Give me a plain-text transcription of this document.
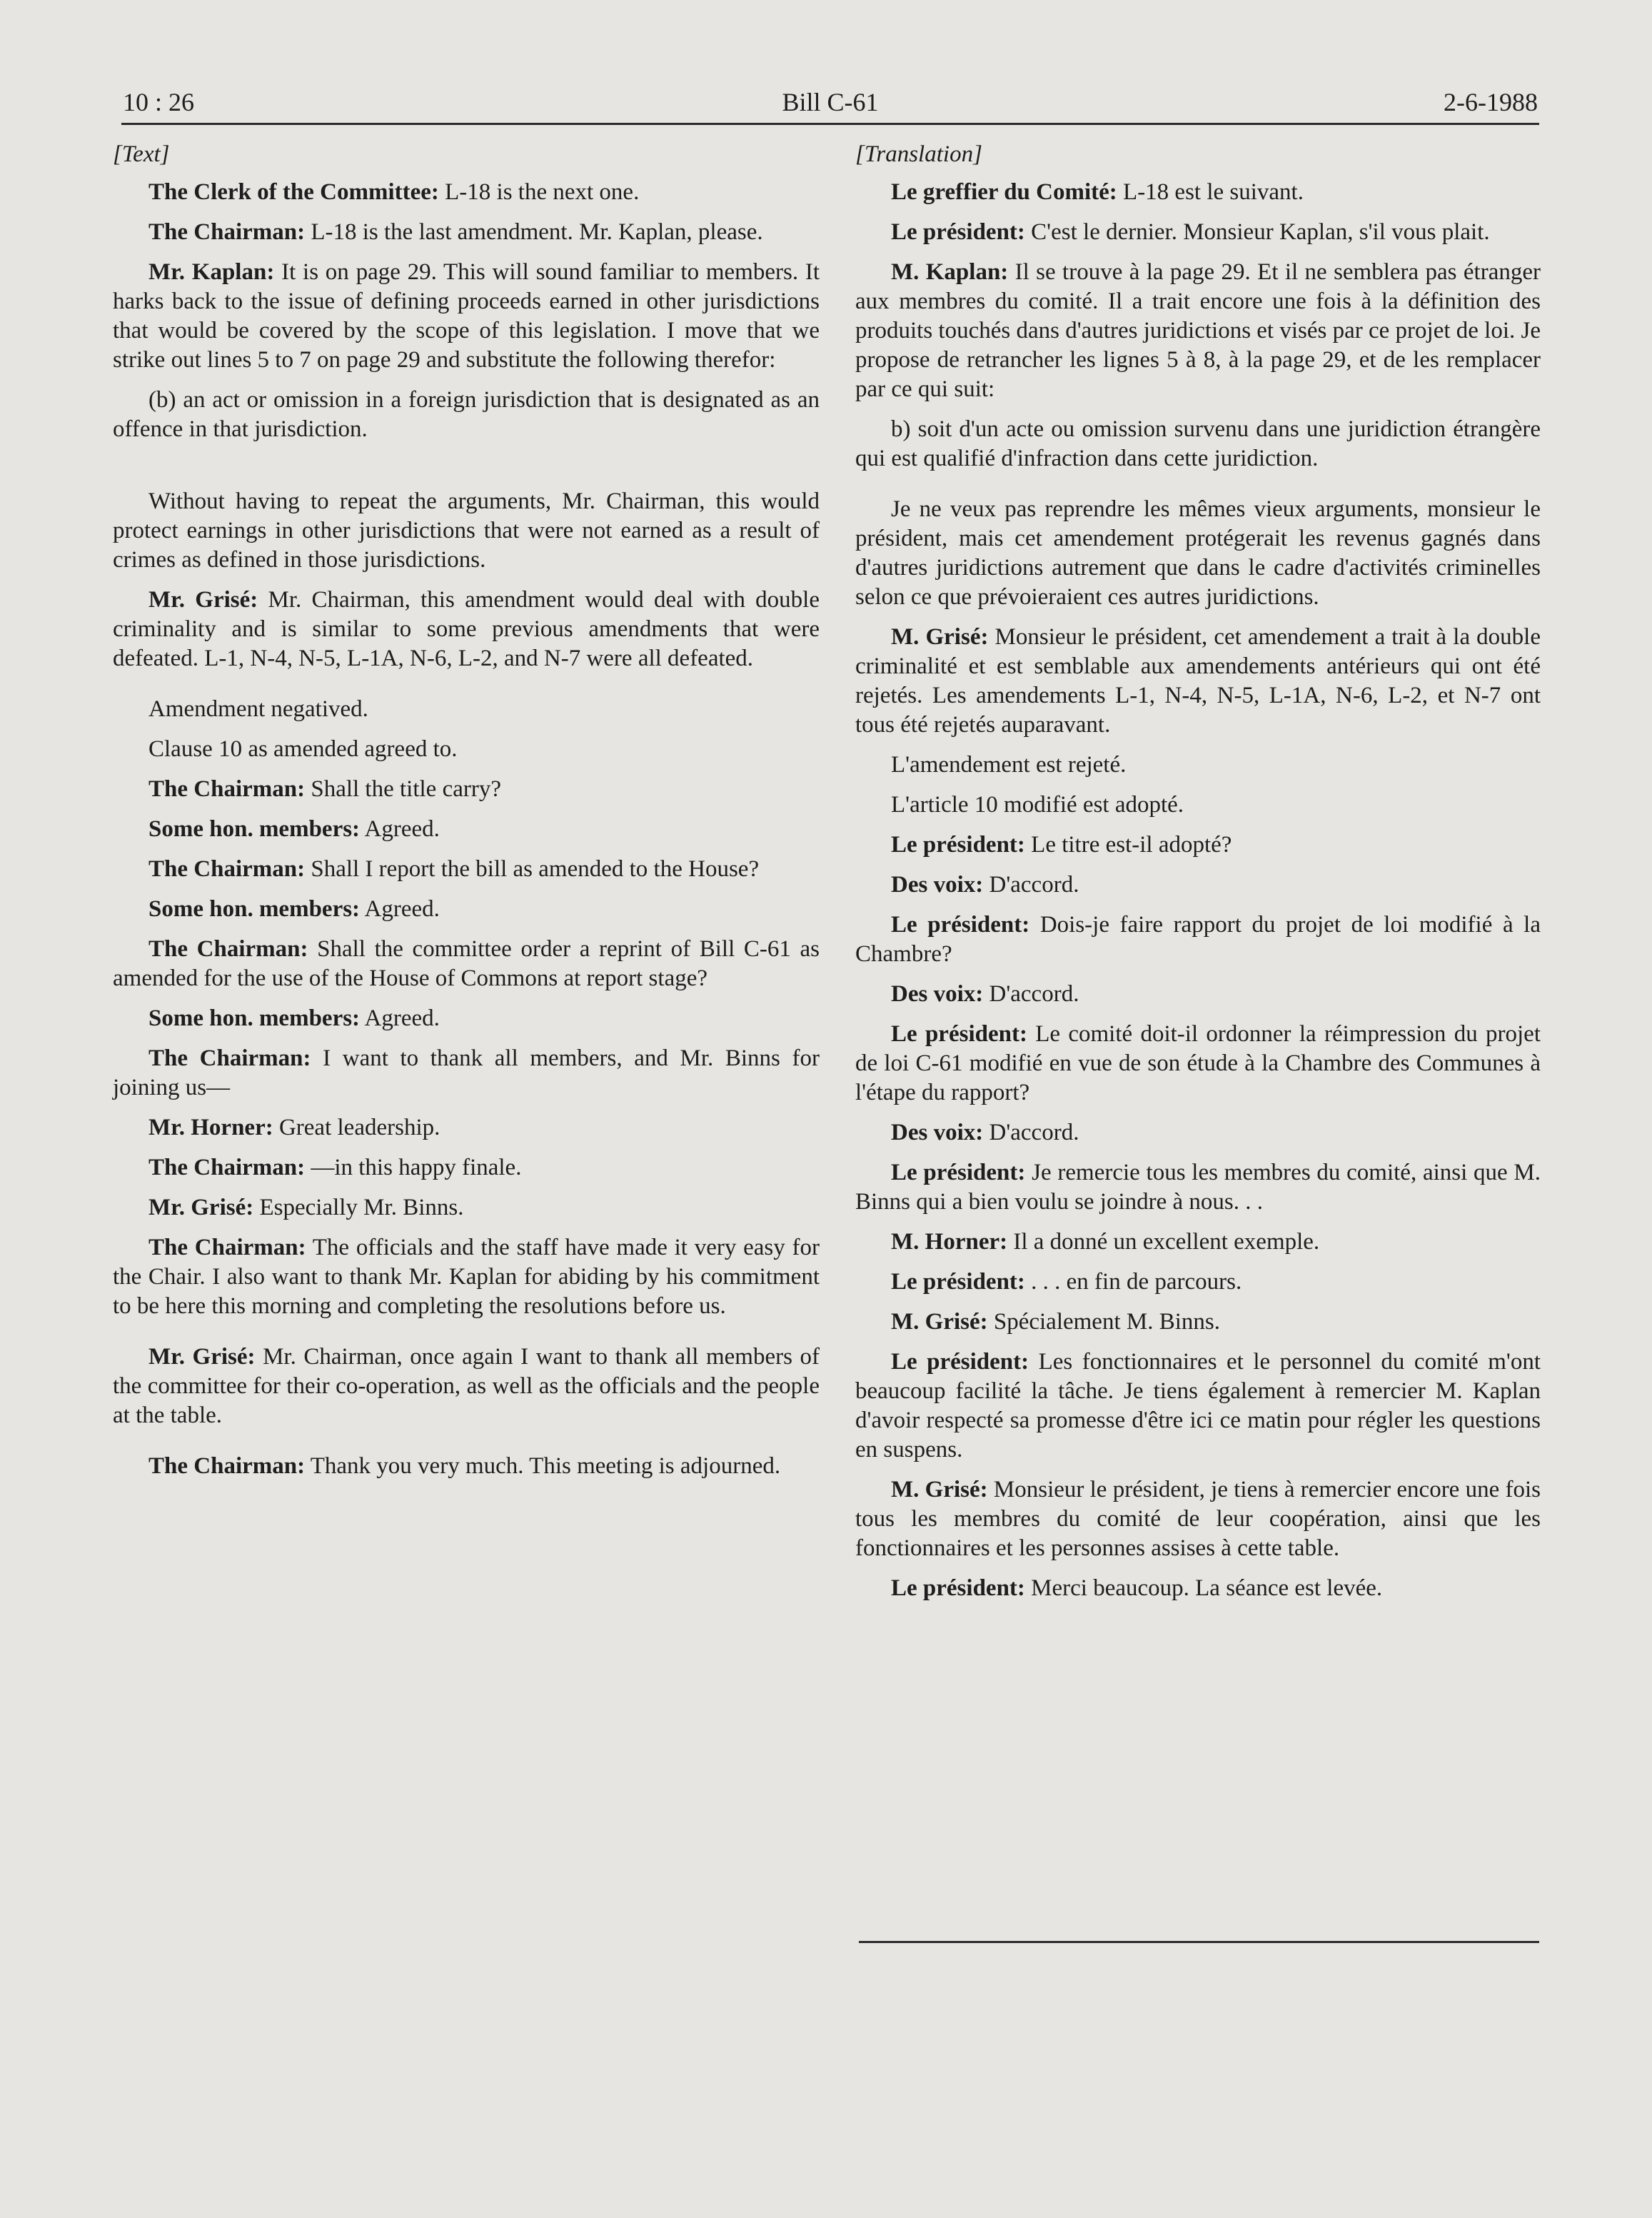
10 : 26	Bill C-61	2-6-1988

[Text]

The Clerk of the Committee: L-18 is the next one.

The Chairman: L-18 is the last amendment. Mr. Kaplan, please.

Mr. Kaplan: It is on page 29. This will sound familiar to members. It harks back to the issue of defining proceeds earned in other jurisdictions that would be covered by the scope of this legislation. I move that we strike out lines 5 to 7 on page 29 and substitute the following therefor:

(b) an act or omission in a foreign jurisdiction that is designated as an offence in that jurisdiction.

Without having to repeat the arguments, Mr. Chairman, this would protect earnings in other jurisdictions that were not earned as a result of crimes as defined in those jurisdictions.

Mr. Grisé: Mr. Chairman, this amendment would deal with double criminality and is similar to some previous amendments that were defeated. L-1, N-4, N-5, L-1A, N-6, L-2, and N-7 were all defeated.

Amendment negatived.

Clause 10 as amended agreed to.

The Chairman: Shall the title carry?

Some hon. members: Agreed.

The Chairman: Shall I report the bill as amended to the House?

Some hon. members: Agreed.

The Chairman: Shall the committee order a reprint of Bill C-61 as amended for the use of the House of Commons at report stage?

Some hon. members: Agreed.

The Chairman: I want to thank all members, and Mr. Binns for joining us—

Mr. Horner: Great leadership.

The Chairman: —in this happy finale.

Mr. Grisé: Especially Mr. Binns.

The Chairman: The officials and the staff have made it very easy for the Chair. I also want to thank Mr. Kaplan for abiding by his commitment to be here this morning and completing the resolutions before us.

Mr. Grisé: Mr. Chairman, once again I want to thank all members of the committee for their co-operation, as well as the officials and the people at the table.

The Chairman: Thank you very much. This meeting is adjourned.

[Translation]

Le greffier du Comité: L-18 est le suivant.

Le président: C'est le dernier. Monsieur Kaplan, s'il vous plait.

M. Kaplan: Il se trouve à la page 29. Et il ne semblera pas étranger aux membres du comité. Il a trait encore une fois à la définition des produits touchés dans d'autres juridictions et visés par ce projet de loi. Je propose de retrancher les lignes 5 à 8, à la page 29, et de les remplacer par ce qui suit:

b) soit d'un acte ou omission survenu dans une juridiction étrangère qui est qualifié d'infraction dans cette juridiction.

Je ne veux pas reprendre les mêmes vieux arguments, monsieur le président, mais cet amendement protégerait les revenus gagnés dans d'autres juridictions autrement que dans le cadre d'activités criminelles selon ce que prévoieraient ces autres juridictions.

M. Grisé: Monsieur le président, cet amendement a trait à la double criminalité et est semblable aux amendements antérieurs qui ont été rejetés. Les amendements L-1, N-4, N-5, L-1A, N-6, L-2, et N-7 ont tous été rejetés auparavant.

L'amendement est rejeté.

L'article 10 modifié est adopté.

Le président: Le titre est-il adopté?

Des voix: D'accord.

Le président: Dois-je faire rapport du projet de loi modifié à la Chambre?

Des voix: D'accord.

Le président: Le comité doit-il ordonner la réimpression du projet de loi C-61 modifié en vue de son étude à la Chambre des Communes à l'étape du rapport?

Des voix: D'accord.

Le président: Je remercie tous les membres du comité, ainsi que M. Binns qui a bien voulu se joindre à nous. . .

M. Horner: Il a donné un excellent exemple.

Le président: . . . en fin de parcours.

M. Grisé: Spécialement M. Binns.

Le président: Les fonctionnaires et le personnel du comité m'ont beaucoup facilité la tâche. Je tiens également à remercier M. Kaplan d'avoir respecté sa promesse d'être ici ce matin pour régler les questions en suspens.

M. Grisé: Monsieur le président, je tiens à remercier encore une fois tous les membres du comité de leur coopération, ainsi que les fonctionnaires et les personnes assises à cette table.

Le président: Merci beaucoup. La séance est levée.
